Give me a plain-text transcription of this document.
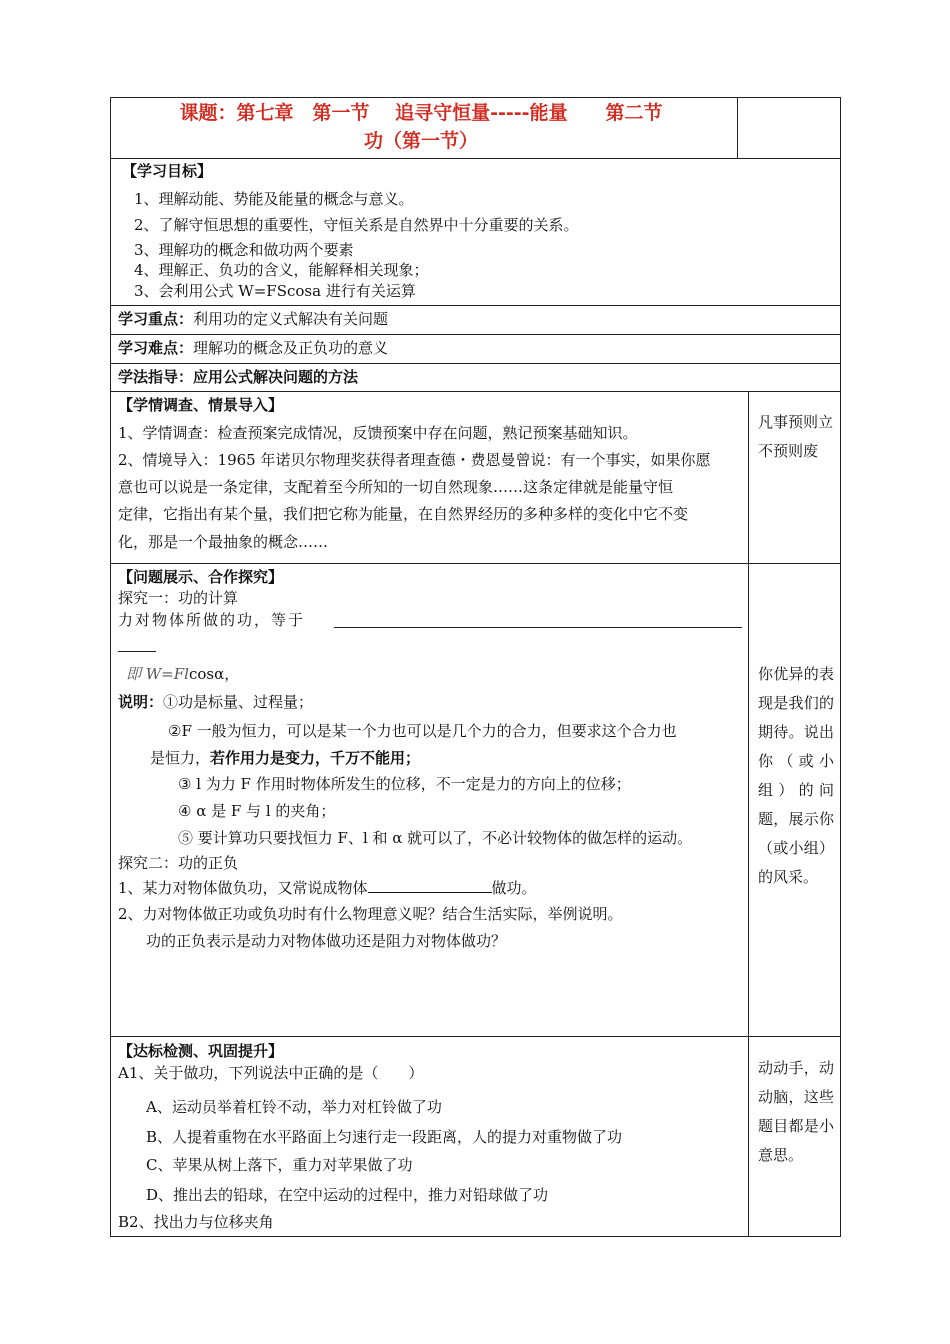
课题：第七章　第一节　 追寻守恒量-----能量　　第二节
功（第一节）
【学习目标】
1、理解动能、势能及能量的概念与意义。
2、了解守恒思想的重要性，守恒关系是自然界中十分重要的关系。
3、理解功的概念和做功两个要素
4、理解正、负功的含义，能解释相关现象；
3、会利用公式 W=FScosa 进行有关运算
学习重点：利用功的定义式解决有关问题
学习难点：理解功的概念及正负功的意义
学法指导：应用公式解决问题的方法
【学情调查、情景导入】
1、学情调查：检查预案完成情况，反馈预案中存在问题，熟记预案基础知识。
2、情境导入：1965 年诺贝尔物理奖获得者理查德・费恩曼曾说：有一个事实，如果你愿
意也可以说是一条定律，支配着至今所知的一切自然现象……这条定律就是能量守恒
定律，它指出有某个量，我们把它称为能量，在自然界经历的多种多样的变化中它不变
化，那是一个最抽象的概念……
凡事预则立不预则废
【问题展示、合作探究】
探究一：功的计算
力对物体所做的功，等于
即 W=Flcosα，
说明：①功是标量、过程量；
②F 一般为恒力，可以是某一个力也可以是几个力的合力，但要求这个合力也
是恒力，若作用力是变力，千万不能用；
③ l 为力 F 作用时物体所发生的位移，不一定是力的方向上的位移；
④ α 是 F 与 l 的夹角；
⑤ 要计算功只要找恒力 F、l 和 α 就可以了，不必计较物体的做怎样的运动。
探究二：功的正负
1、某力对物体做负功，又常说成物体	做功。
2、力对物体做正功或负功时有什么物理意义呢？结合生活实际，举例说明。
功的正负表示是动力对物体做功还是阻力对物体做功？
你优异的表现是我们的期待。说出你（或小组）的问题，展示你（或小组）的风采。
【达标检测、巩固提升】
A1、关于做功，下列说法中正确的是（　　）
A、运动员举着杠铃不动，举力对杠铃做了功
B、人提着重物在水平路面上匀速行走一段距离，人的提力对重物做了功
C、苹果从树上落下，重力对苹果做了功
D、推出去的铅球，在空中运动的过程中，推力对铅球做了功
B2、找出力与位移夹角
动动手，动动脑，这些题目都是小意思。
